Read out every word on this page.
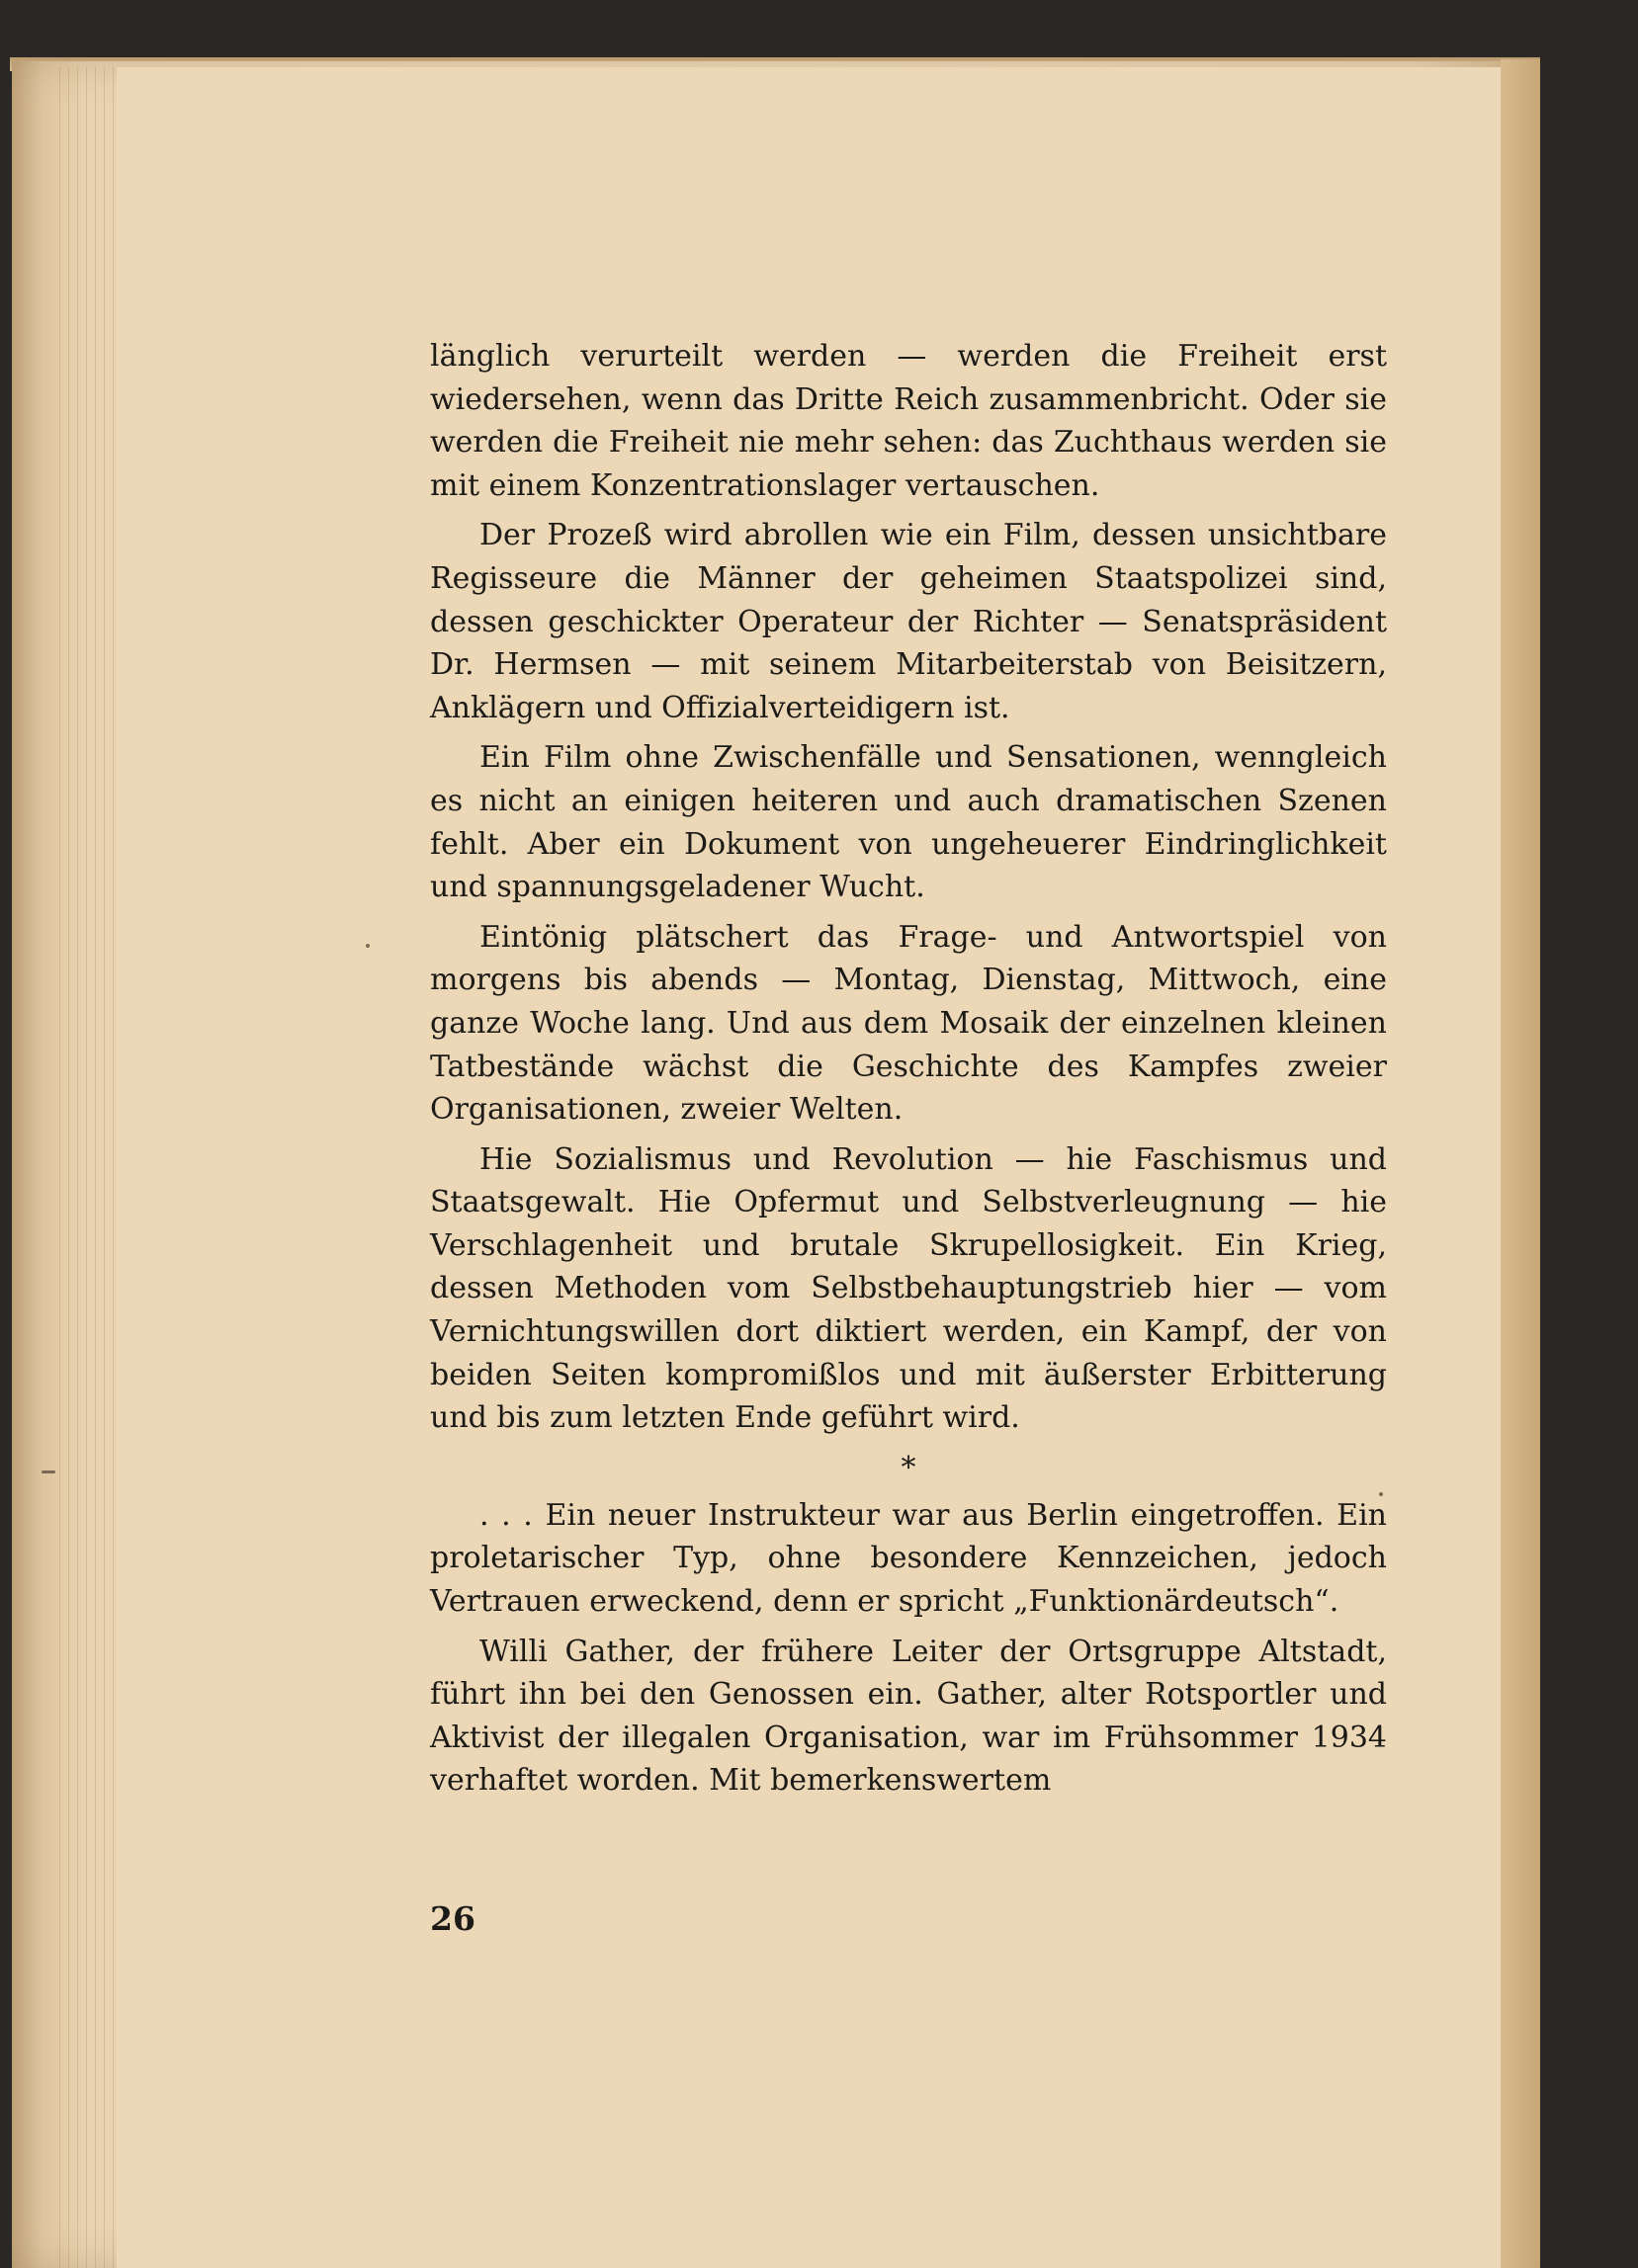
länglich verurteilt werden — werden die Freiheit erst wiedersehen, wenn das Dritte Reich zusammenbricht. Oder sie werden die Freiheit nie mehr sehen: das Zuchthaus werden sie mit einem Konzentrationslager vertauschen.

Der Prozeß wird abrollen wie ein Film, dessen unsichtbare Regisseure die Männer der geheimen Staatspolizei sind, dessen geschickter Operateur der Richter — Senatspräsident Dr. Hermsen — mit seinem Mitarbeiterstab von Beisitzern, Anklägern und Offizialverteidigern ist.

Ein Film ohne Zwischenfälle und Sensationen, wenngleich es nicht an einigen heiteren und auch dramatischen Szenen fehlt. Aber ein Dokument von ungeheuerer Eindringlichkeit und spannungsgeladener Wucht.

Eintönig plätschert das Frage- und Antwortspiel von morgens bis abends — Montag, Dienstag, Mittwoch, eine ganze Woche lang. Und aus dem Mosaik der einzelnen kleinen Tatbestände wächst die Geschichte des Kampfes zweier Organisationen, zweier Welten.

Hie Sozialismus und Revolution — hie Faschismus und Staatsgewalt. Hie Opfermut und Selbstverleugnung — hie Verschlagenheit und brutale Skrupellosigkeit. Ein Krieg, dessen Methoden vom Selbstbehauptungstrieb hier — vom Vernichtungswillen dort diktiert werden, ein Kampf, der von beiden Seiten kompromißlos und mit äußerster Erbitterung und bis zum letzten Ende geführt wird.

*

. . . Ein neuer Instrukteur war aus Berlin eingetroffen. Ein proletarischer Typ, ohne besondere Kennzeichen, jedoch Vertrauen erweckend, denn er spricht „Funktionärdeutsch“.

Willi Gather, der frühere Leiter der Ortsgruppe Altstadt, führt ihn bei den Genossen ein. Gather, alter Rotsportler und Aktivist der illegalen Organisation, war im Frühsommer 1934 verhaftet worden. Mit bemerkenswertem

26
